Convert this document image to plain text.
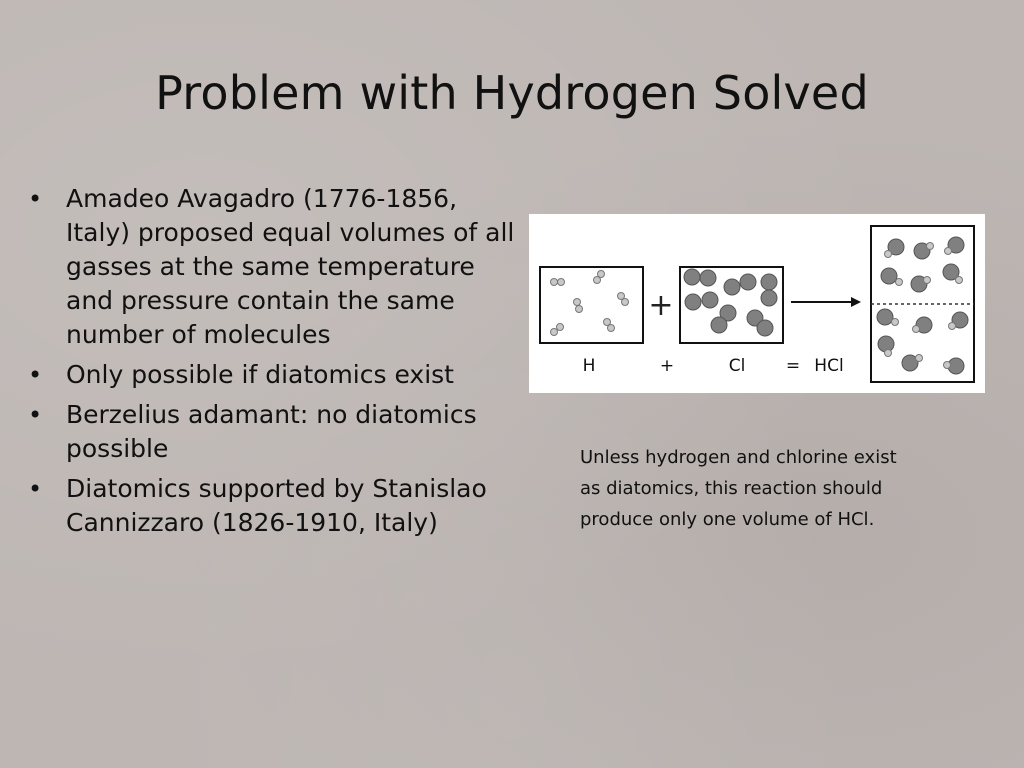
Problem with Hydrogen Solved
• Amadeo Avagadro (1776-1856, Italy) proposed equal volumes of all gasses at the same temperature and pressure contain the same number of molecules
• Only possible if diatomics exist
• Berzelius adamant: no diatomics possible
• Diatomics supported by Stanislao Cannizzaro (1826-1910, Italy)
+
H	+	Cl = HCl
Unless hydrogen and chlorine exist as diatomics, this reaction should produce only one volume of HCl.
